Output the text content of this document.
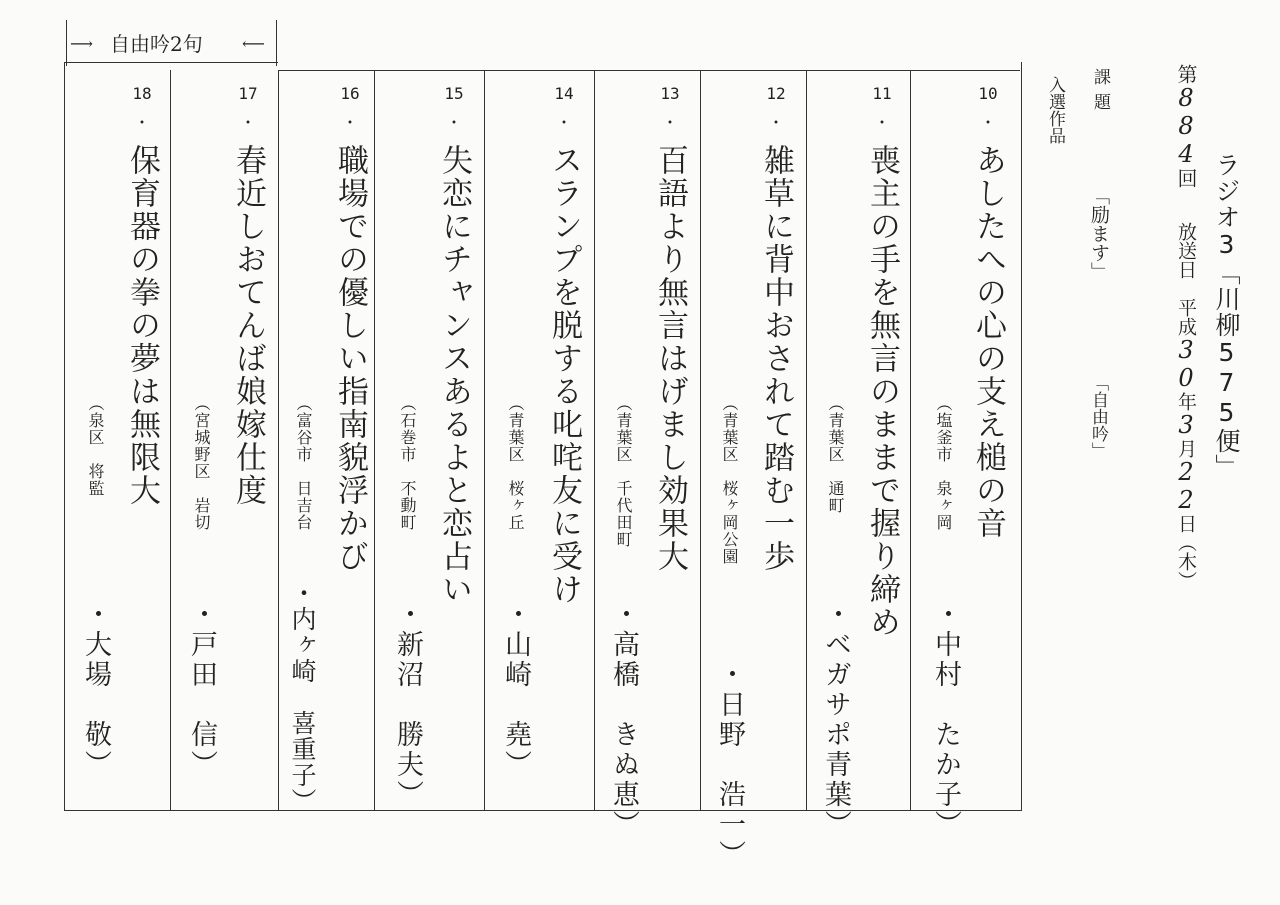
ラジオ3「川柳575便」
第884回
放送日　平成30年3月22日（木）
課題
「励ます」
「自由吟」
入選作品
⟶ 自由吟2句 ⟵
10
・
あしたへの心の支え槌の音
（塩釜市　泉ヶ岡
・中村　たか子）
11
・
喪主の手を無言のままで握り締め
（青葉区　通町
・ベガサポ青葉）
12
・
雑草に背中おされて踏む一歩
（青葉区　桜ヶ岡公園
・日野　浩一）
13
・
百語より無言はげまし効果大
（青葉区　千代田町
・高橋　きぬ恵）
14
・
スランプを脱する叱咤友に受け
（青葉区　桜ヶ丘
・山崎　堯）
15
・
失恋にチャンスあるよと恋占い
（石巻市　不動町
・新沼　勝夫）
16
・
職場での優しい指南貌浮かび
（富谷市　日吉台
・内ヶ崎　喜重子）
17
・
春近しおてんば娘嫁仕度
（宮城野区　岩切
・戸田　信）
18
・
保育器の拳の夢は無限大
（泉区　将監
・大場　敬）
